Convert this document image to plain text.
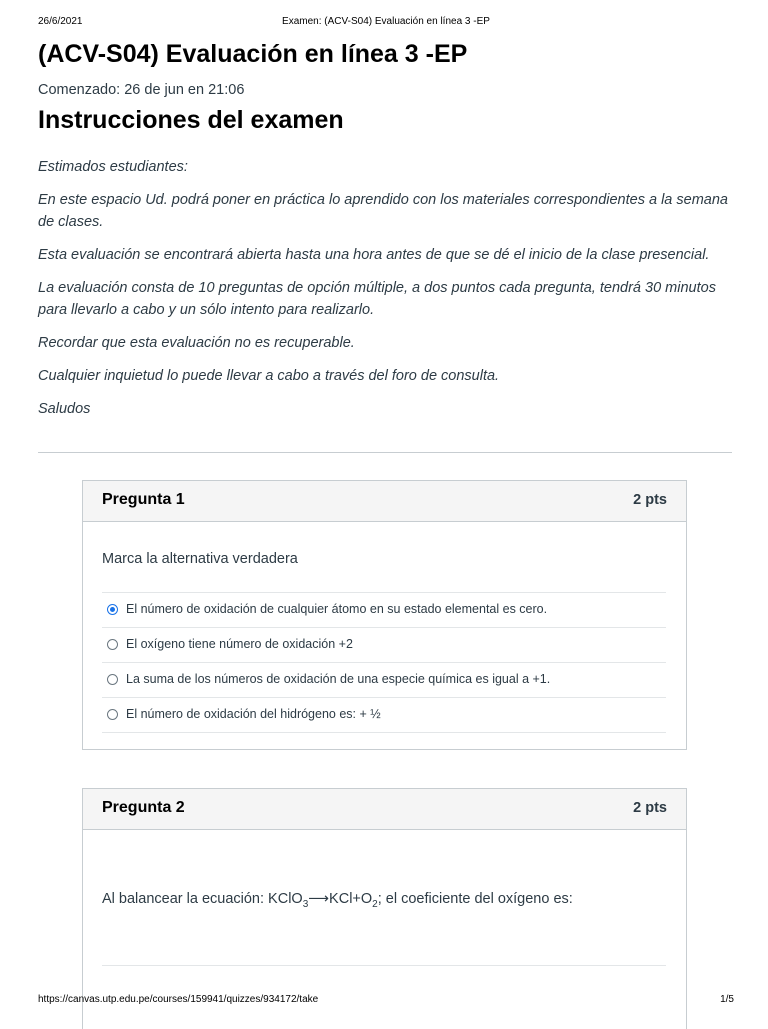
26/6/2021	Examen: (ACV-S04) Evaluación en línea 3 -EP
(ACV-S04) Evaluación en línea 3 -EP
Comenzado: 26 de jun en 21:06
Instrucciones del examen

Estimados estudiantes:

En este espacio Ud. podrá poner en práctica lo aprendido con los materiales correspondientes a la semana de clases.

Esta evaluación se encontrará abierta hasta una hora antes de que se dé el inicio de la clase presencial.

La evaluación consta de 10 preguntas de opción múltiple, a dos puntos cada pregunta, tendrá 30 minutos para llevarlo a cabo y un sólo intento para realizarlo.

Recordar que esta evaluación no es recuperable.

Cualquier inquietud lo puede llevar a cabo a través del foro de consulta.

Saludos

Pregunta 1	2 pts
Marca la alternativa verdadera
El número de oxidación de cualquier átomo en su estado elemental es cero.
El oxígeno tiene número de oxidación +2
La suma de los números de oxidación de una especie química es igual a +1.
El número de oxidación del hidrógeno es: + ½
Pregunta 2	2 pts
Al balancear la ecuación: $KClO_3⟶KCl+O_2$; el coeficiente del oxígeno es:
https://canvas.utp.edu.pe/courses/159941/quizzes/934172/take	1/5
